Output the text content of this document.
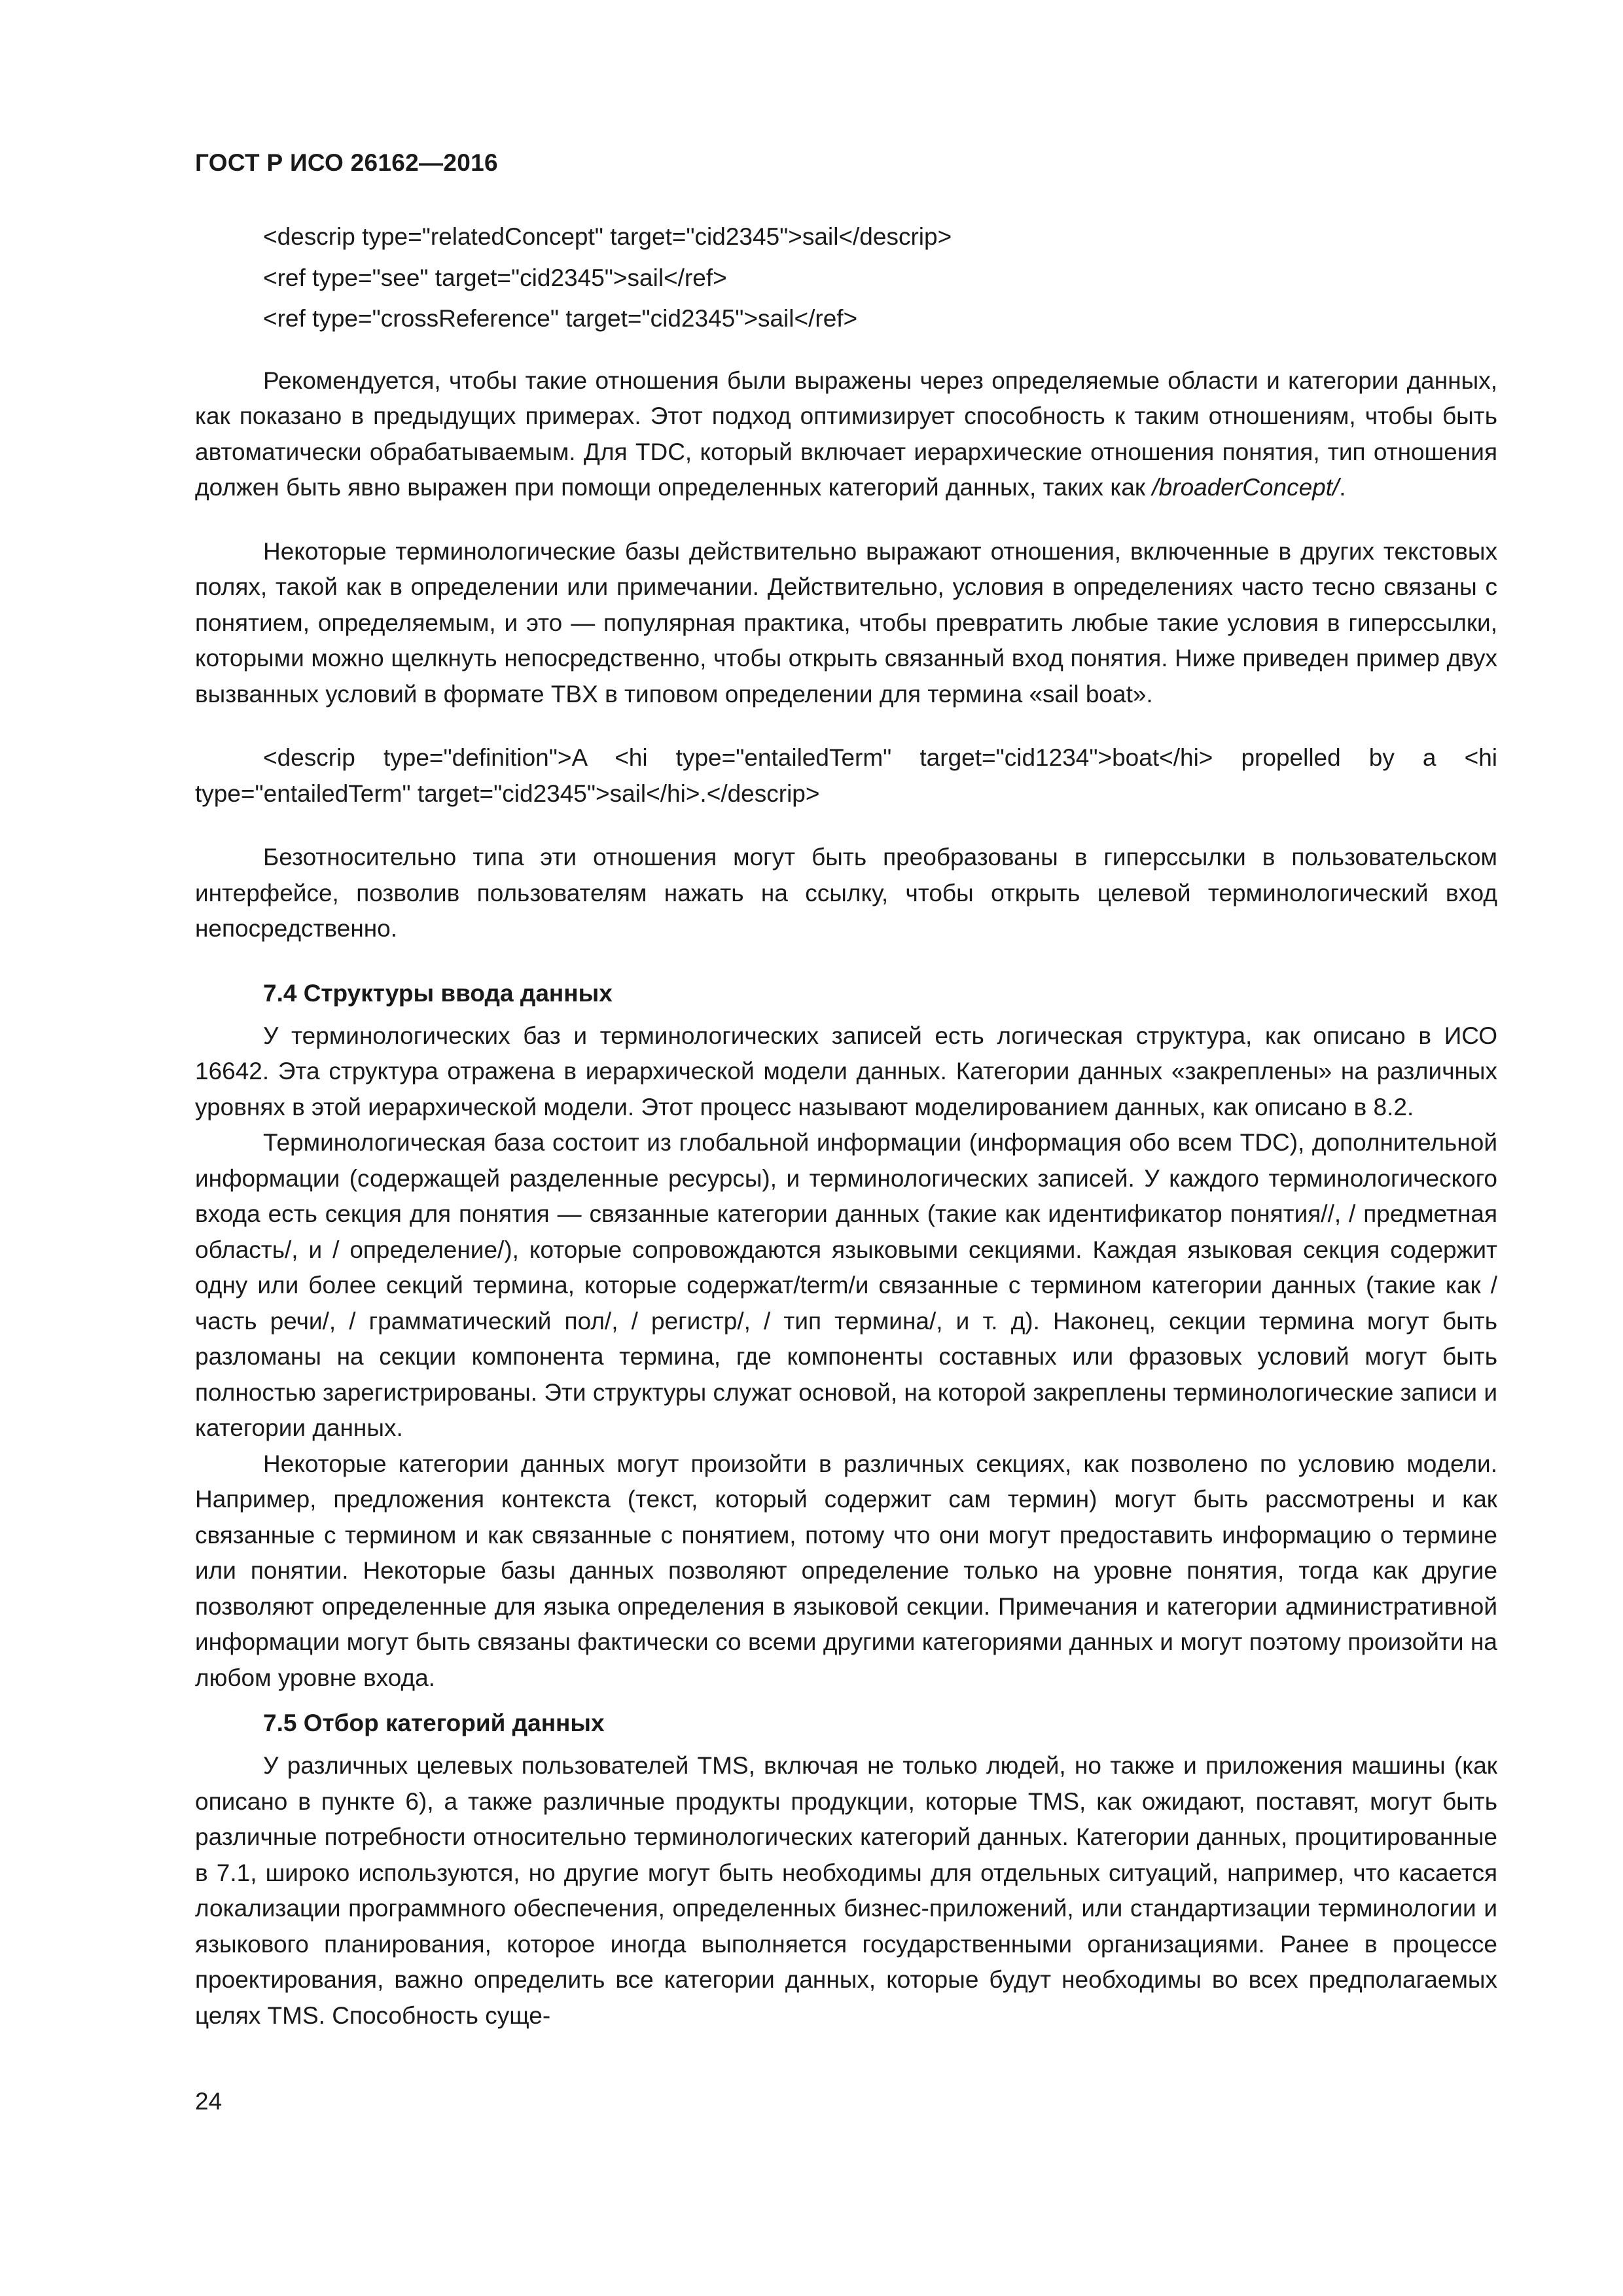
ГОСТ Р ИСО 26162—2016
<descrip type="relatedConcept" target="cid2345">sail</descrip>
<ref type="see" target="cid2345">sail</ref>
<ref type="crossReference" target="cid2345">sail</ref>

Рекомендуется, чтобы такие отношения были выражены через определяемые области и категории данных, как показано в предыдущих примерах. Этот подход оптимизирует способность к таким отношениям, чтобы быть автоматически обрабатываемым. Для TDC, который включает иерархические отношения понятия, тип отношения должен быть явно выражен при помощи определенных категорий данных, таких как /broaderConcept/.

Некоторые терминологические базы действительно выражают отношения, включенные в других текстовых полях, такой как в определении или примечании. Действительно, условия в определениях часто тесно связаны с понятием, определяемым, и это — популярная практика, чтобы превратить любые такие условия в гиперссылки, которыми можно щелкнуть непосредственно, чтобы открыть связанный вход понятия. Ниже приведен пример двух вызванных условий в формате TBX в типовом определении для термина «sail boat».

<descrip type="definition">A <hi type="entailedTerm" target="cid1234">boat</hi> propelled by a <hi type="entailedTerm" target="cid2345">sail</hi>.</descrip>

Безотносительно типа эти отношения могут быть преобразованы в гиперссылки в пользовательском интерфейсе, позволив пользователям нажать на ссылку, чтобы открыть целевой терминологический вход непосредственно.

7.4 Структуры ввода данных

У терминологических баз и терминологических записей есть логическая структура, как описано в ИСО 16642. Эта структура отражена в иерархической модели данных. Категории данных «закреплены» на различных уровнях в этой иерархической модели. Этот процесс называют моделированием данных, как описано в 8.2.

Терминологическая база состоит из глобальной информации (информация обо всем TDC), дополнительной информации (содержащей разделенные ресурсы), и терминологических записей. У каждого терминологического входа есть секция для понятия — связанные категории данных (такие как идентификатор понятия//, / предметная область/, и / определение/), которые сопровождаются языковыми секциями. Каждая языковая секция содержит одну или более секций термина, которые содержат/term/и связанные с термином категории данных (такие как / часть речи/, / грамматический пол/, / регистр/, / тип термина/, и т. д). Наконец, секции термина могут быть разломаны на секции компонента термина, где компоненты составных или фразовых условий могут быть полностью зарегистрированы. Эти структуры служат основой, на которой закреплены терминологические записи и категории данных.

Некоторые категории данных могут произойти в различных секциях, как позволено по условию модели. Например, предложения контекста (текст, который содержит сам термин) могут быть рассмотрены и как связанные с термином и как связанные с понятием, потому что они могут предоставить информацию о термине или понятии. Некоторые базы данных позволяют определение только на уровне понятия, тогда как другие позволяют определенные для языка определения в языковой секции. Примечания и категории административной информации могут быть связаны фактически со всеми другими категориями данных и могут поэтому произойти на любом уровне входа.

7.5 Отбор категорий данных

У различных целевых пользователей TMS, включая не только людей, но также и приложения машины (как описано в пункте 6), а также различные продукты продукции, которые TMS, как ожидают, поставят, могут быть различные потребности относительно терминологических категорий данных. Категории данных, процитированные в 7.1, широко используются, но другие могут быть необходимы для отдельных ситуаций, например, что касается локализации программного обеспечения, определенных бизнес-приложений, или стандартизации терминологии и языкового планирования, которое иногда выполняется государственными организациями. Ранее в процессе проектирования, важно определить все категории данных, которые будут необходимы во всех предполагаемых целях TMS. Способность суще-

24
